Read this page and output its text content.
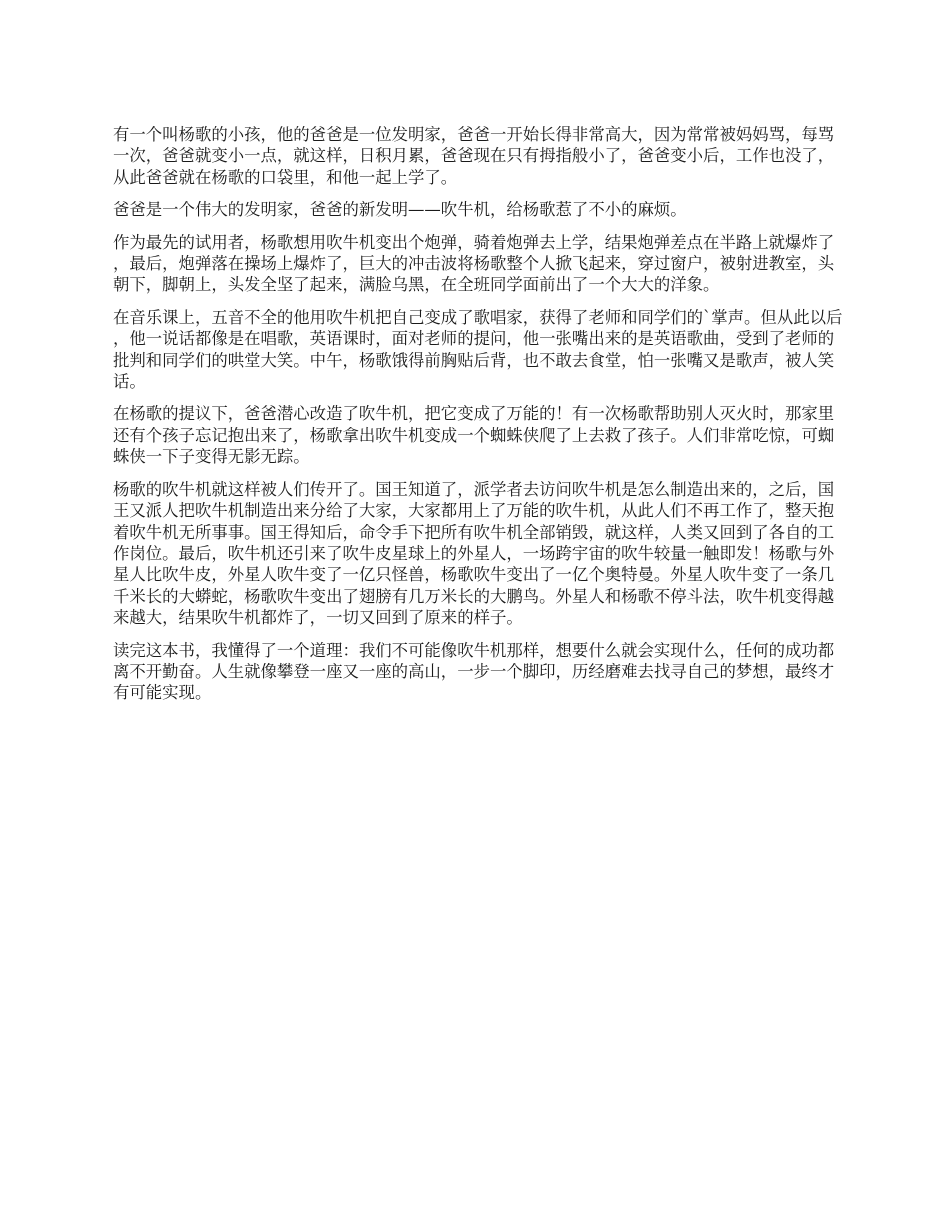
有一个叫杨歌的小孩，他的爸爸是一位发明家，爸爸一开始长得非常高大，因为常常被妈妈骂，每骂一次，爸爸就变小一点，就这样，日积月累，爸爸现在只有拇指般小了，爸爸变小后，工作也没了，从此爸爸就在杨歌的口袋里，和他一起上学了。

爸爸是一个伟大的发明家，爸爸的新发明——吹牛机，给杨歌惹了不小的麻烦。

作为最先的试用者，杨歌想用吹牛机变出个炮弹，骑着炮弹去上学，结果炮弹差点在半路上就爆炸了，最后，炮弹落在操场上爆炸了，巨大的冲击波将杨歌整个人掀飞起来，穿过窗户，被射进教室，头朝下，脚朝上，头发全坚了起来，满脸乌黑，在全班同学面前出了一个大大的洋象。

在音乐课上，五音不全的他用吹牛机把自己变成了歌唱家，获得了老师和同学们的`掌声。但从此以后，他一说话都像是在唱歌，英语课时，面对老师的提问，他一张嘴出来的是英语歌曲，受到了老师的批判和同学们的哄堂大笑。中午，杨歌饿得前胸贴后背，也不敢去食堂，怕一张嘴又是歌声，被人笑话。

在杨歌的提议下，爸爸潜心改造了吹牛机，把它变成了万能的！有一次杨歌帮助别人灭火时，那家里还有个孩子忘记抱出来了，杨歌拿出吹牛机变成一个蜘蛛侠爬了上去救了孩子。人们非常吃惊，可蜘蛛侠一下子变得无影无踪。

杨歌的吹牛机就这样被人们传开了。国王知道了，派学者去访问吹牛机是怎么制造出来的，之后，国王又派人把吹牛机制造出来分给了大家，大家都用上了万能的吹牛机，从此人们不再工作了，整天抱着吹牛机无所事事。国王得知后，命令手下把所有吹牛机全部销毁，就这样，人类又回到了各自的工作岗位。最后，吹牛机还引来了吹牛皮星球上的外星人，一场跨宇宙的吹牛较量一触即发！杨歌与外星人比吹牛皮，外星人吹牛变了一亿只怪兽，杨歌吹牛变出了一亿个奥特曼。外星人吹牛变了一条几千米长的大蟒蛇，杨歌吹牛变出了翅膀有几万米长的大鹏鸟。外星人和杨歌不停斗法，吹牛机变得越来越大，结果吹牛机都炸了，一切又回到了原来的样子。

读完这本书，我懂得了一个道理：我们不可能像吹牛机那样，想要什么就会实现什么，任何的成功都离不开勤奋。人生就像攀登一座又一座的高山，一步一个脚印，历经磨难去找寻自己的梦想，最终才有可能实现。
